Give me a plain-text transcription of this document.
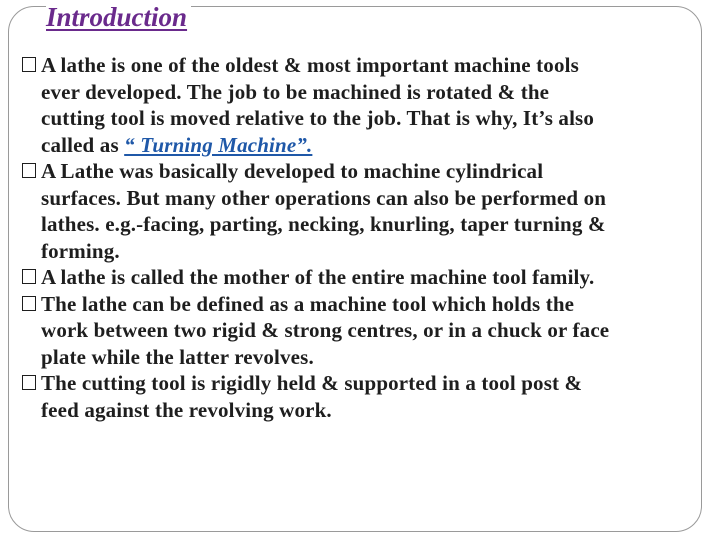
Introduction
A lathe is one of the oldest & most important machine tools
ever developed. The job to be machined is rotated & the
cutting tool is moved relative to the job. That is why, It’s also
called as “ Turning Machine”.
A Lathe was basically developed to machine cylindrical
surfaces. But many other operations can also be performed on
lathes. e.g.-facing, parting, necking, knurling, taper turning &
forming.
A lathe is called the mother of the entire machine tool family.
The lathe can be defined as a machine tool which holds the
work between two rigid & strong centres, or in a chuck or face
plate while the latter revolves.
The cutting tool is rigidly held & supported in a tool post &
feed against the revolving work.
